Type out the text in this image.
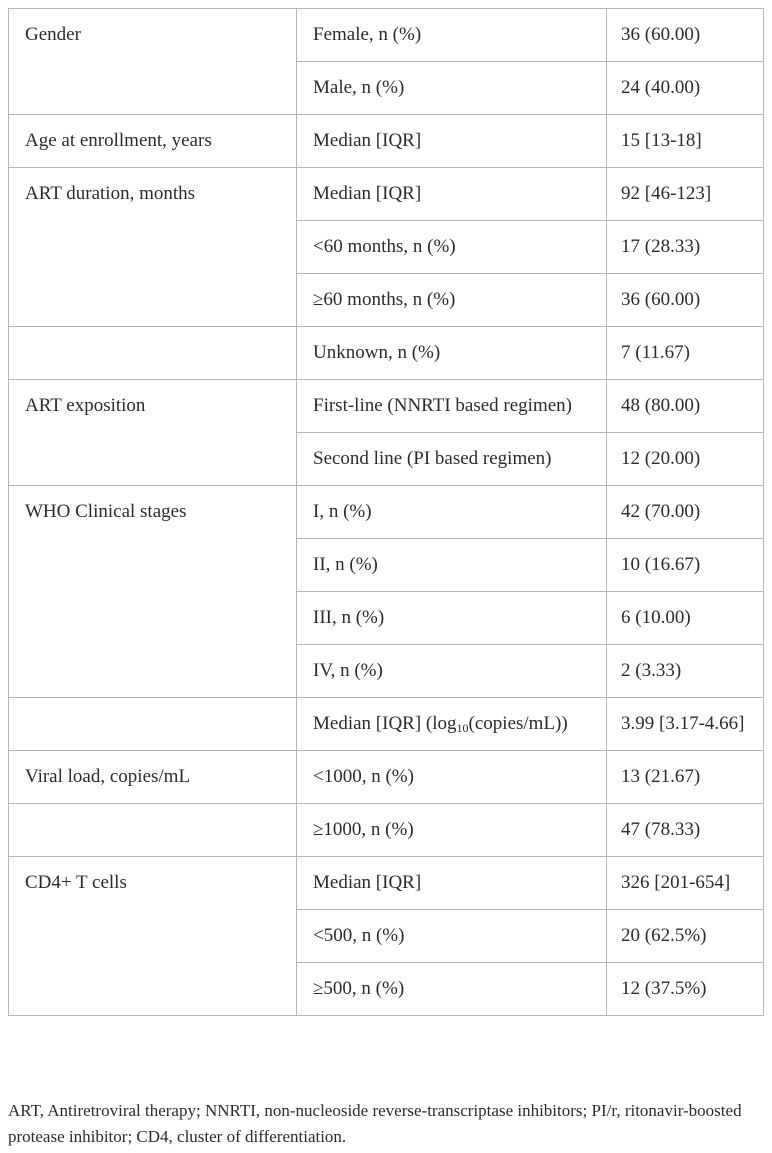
Gender	Female, n (%)	36 (60.00)
	Male, n (%)	24 (40.00)
Age at enrollment, years	Median [IQR]	15 [13-18]
ART duration, months	Median [IQR]	92 [46-123]
	<60 months, n (%)	17 (28.33)
	≥60 months, n (%)	36 (60.00)
	Unknown, n (%)	7 (11.67)
ART exposition	First-line (NNRTI based regimen)	48 (80.00)
	Second line (PI based regimen)	12 (20.00)
WHO Clinical stages	I, n (%)	42 (70.00)
	II, n (%)	10 (16.67)
	III, n (%)	6 (10.00)
	IV, n (%)	2 (3.33)
	Median [IQR] $(\log_{10}(copies/mL))$	3.99 [3.17-4.66]
Viral load, copies/mL	<1000, n (%)	13 (21.67)
	≥1000, n (%)	47 (78.33)
CD4+ T cells	Median [IQR]	326 [201-654]
	<500, n (%)	20 (62.5%)
	≥500, n (%)	12 (37.5%)
ART, Antiretroviral therapy; NNRTI, non-nucleoside reverse-transcriptase inhibitors; PI/r, ritonavir-boosted protease inhibitor; CD4, cluster of differentiation.
